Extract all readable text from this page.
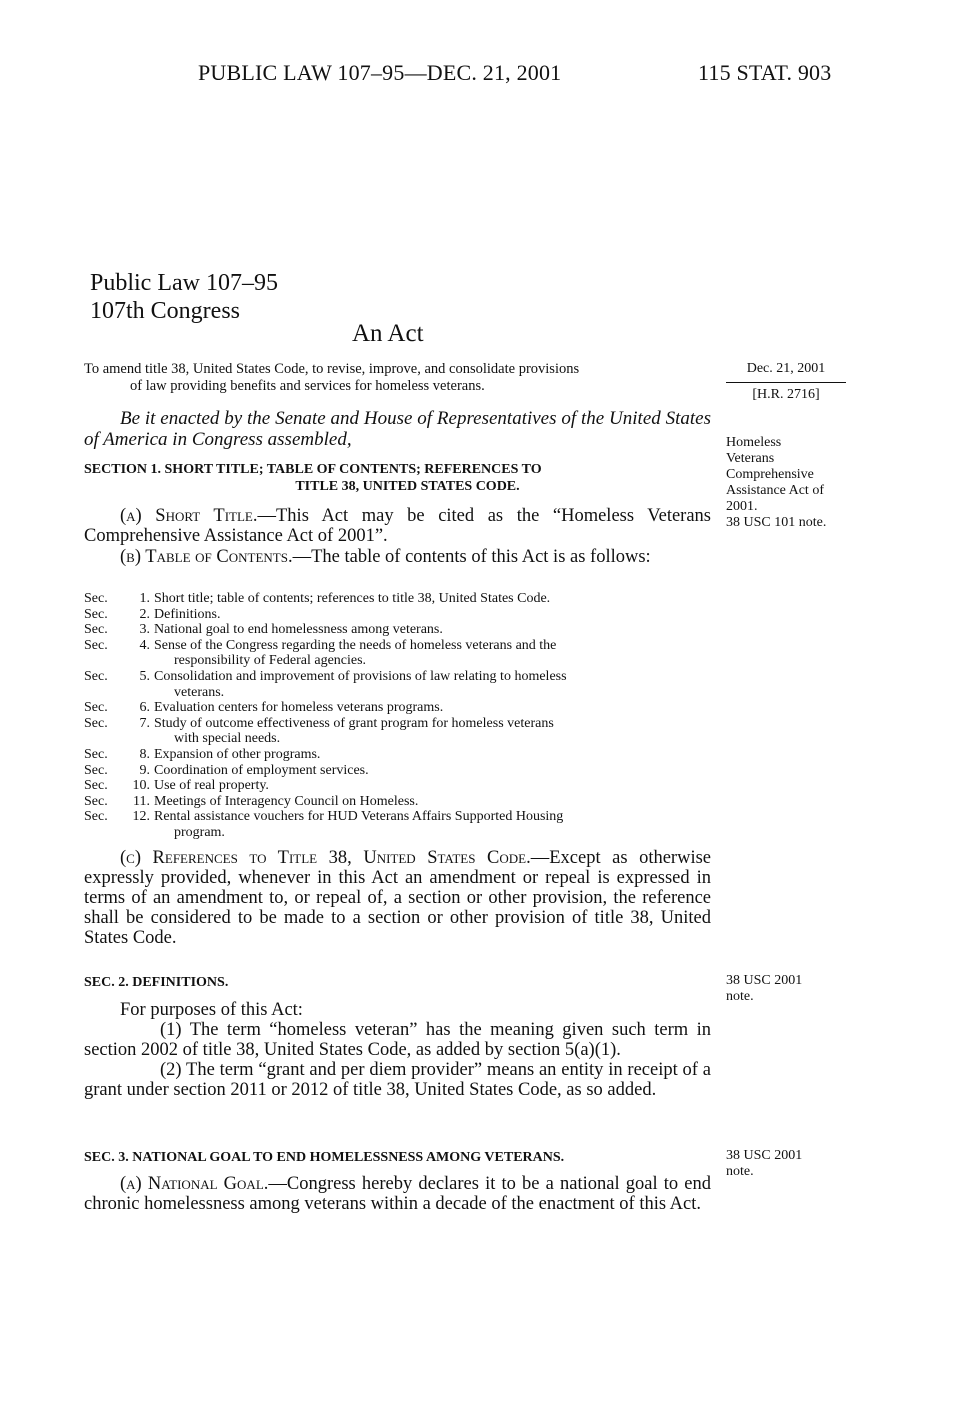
PUBLIC LAW 107–95—DEC. 21, 2001	115 STAT. 903
Public Law 107–95
107th Congress
An Act
To amend title 38, United States Code, to revise, improve, and consolidate provisions
of law providing benefits and services for homeless veterans.
Dec. 21, 2001
[H.R. 2716]
Homeless
Veterans
Comprehensive
Assistance Act of
2001.
38 USC 101 note.
38 USC 2001
note.
38 USC 2001
note.

Be it enacted by the Senate and House of Representatives of the United States of America in Congress assembled,

SECTION 1. SHORT TITLE; TABLE OF CONTENTS; REFERENCES TO
TITLE 38, UNITED STATES CODE.

(a) Short Title.—This Act may be cited as the “Homeless Veterans Comprehensive Assistance Act of 2001”.

(b) Table of Contents.—The table of contents of this Act is as follows:

Sec.	1. Short title; table of contents; references to title 38, United States Code.
Sec.	2. Definitions.
Sec.	3. National goal to end homelessness among veterans.
Sec.	4. Sense of the Congress regarding the needs of homeless veterans and the
responsibility of Federal agencies.
Sec.	5. Consolidation and improvement of provisions of law relating to homeless
veterans.
Sec.	6. Evaluation centers for homeless veterans programs.
Sec.	7. Study of outcome effectiveness of grant program for homeless veterans
with special needs.
Sec.	8. Expansion of other programs.
Sec.	9. Coordination of employment services.
Sec.	10. Use of real property.
Sec.	11. Meetings of Interagency Council on Homeless.
Sec.	12. Rental assistance vouchers for HUD Veterans Affairs Supported Housing
program.

(c) References to Title 38, United States Code.—Except as otherwise expressly provided, whenever in this Act an amendment or repeal is expressed in terms of an amendment to, or repeal of, a section or other provision, the reference shall be considered to be made to a section or other provision of title 38, United States Code.

SEC. 2. DEFINITIONS.

For purposes of this Act:

(1) The term “homeless veteran” has the meaning given such term in section 2002 of title 38, United States Code, as added by section 5(a)(1).

(2) The term “grant and per diem provider” means an entity in receipt of a grant under section 2011 or 2012 of title 38, United States Code, as so added.

SEC. 3. NATIONAL GOAL TO END HOMELESSNESS AMONG VETERANS.

(a) National Goal.—Congress hereby declares it to be a national goal to end chronic homelessness among veterans within a decade of the enactment of this Act.
